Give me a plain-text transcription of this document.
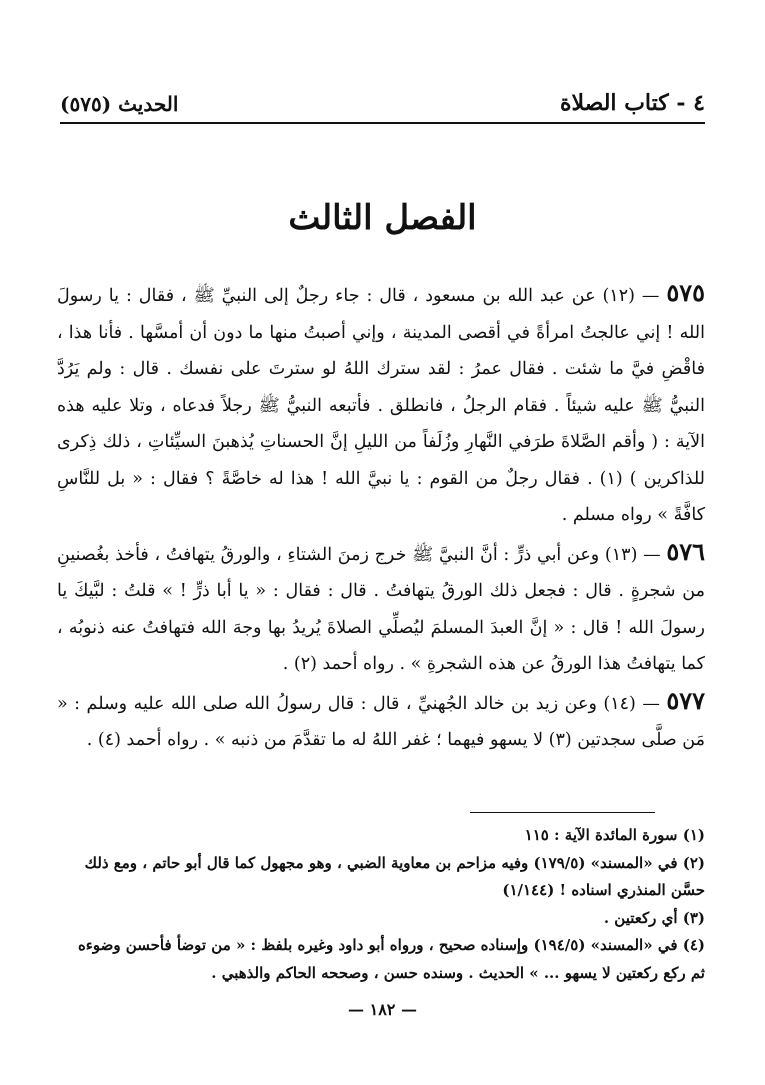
٤ - كتاب الصلاة
الحديث (٥٧٥)
الفصل الثالث

٥٧٥ — (١٢) عن عبد الله بن مسعود ، قال : جاء رجلٌ إلى النبيِّ ﷺ ، فقال : يا رسولَ الله ! إني عالجتُ امرأةً في أقصى المدينة ، وإني أصبتُ منها ما دون أن أمسَّها . فأنا هذا ، فاقْضِ فيَّ ما شئت . فقال عمرُ : لقد سترك اللهُ لو سترتَ على نفسك . قال : ولم يَرُدَّ النبيُّ ﷺ عليه شيئاً . فقام الرجلُ ، فانطلق . فأتبعه النبيُّ ﷺ رجلاً فدعاه ، وتلا عليه هذه الآية : ( وأقم الصَّلاةَ طرَفي النَّهارِ وزُلَفاً من الليلِ إنَّ الحسناتِ يُذهبنَ السيِّئاتِ ، ذلك ذِكرى للذاكرين ) (١) . فقال رجلٌ من القوم : يا نبيَّ الله ! هذا له خاصَّةً ؟ فقال : « بل للنَّاسِ كافَّةً » رواه مسلم .

٥٧٦ — (١٣) وعن أبي ذرٍّ : أنَّ النبيَّ ﷺ خرج زمنَ الشتاءِ ، والورقُ يتهافتُ ، فأخذ بغُصنينِ من شجرةٍ . قال : فجعل ذلك الورقُ يتهافتُ . قال : فقال : « يا أبا ذرٍّ ! » قلتُ : لبَّيكَ يا رسولَ الله ! قال : « إنَّ العبدَ المسلمَ ليُصلِّي الصلاةَ يُريدُ بها وجهَ الله فتهافتُ عنه ذنوبُه ، كما يتهافتُ هذا الورقُ عن هذه الشجرةِ » . رواه أحمد (٢) .

٥٧٧ — (١٤) وعن زيد بن خالد الجُهنيِّ ، قال : قال رسولُ الله صلى الله عليه وسلم : « مَن صلَّى سجدتين (٣) لا يسهو فيهما ؛ غفر اللهُ له ما تقدَّمَ من ذنبه » . رواه أحمد (٤) .

(١) سورة المائدة الآية : ١١٥

(٢) في «المسند» (١٧٩/٥) وفيه مزاحم بن معاوية الضبي ، وهو مجهول كما قال أبو حاتم ، ومع ذلك حسَّن المنذري اسناده ! (١/١٤٤)

(٣) أي ركعتين .

(٤) في «المسند» (١٩٤/٥) وإسناده صحيح ، ورواه أبو داود وغيره بلفظ : « من توضأ فأحسن وضوءه ثم ركع ركعتين لا يسهو ... » الحديث . وسنده حسن ، وصححه الحاكم والذهبي .

— ١٨٢ —
